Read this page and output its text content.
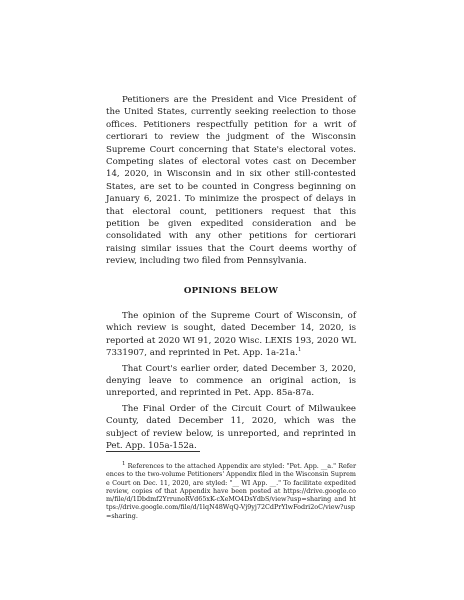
Petitioners are the President and Vice President of the United States, currently seeking reelection to those offices. Petitioners respectfully petition for a writ of certiorari to review the judgment of the Wisconsin Supreme Court concerning that State's electoral votes. Competing slates of electoral votes cast on December 14, 2020, in Wisconsin and in six other still-contested States, are set to be counted in Congress beginning on January 6, 2021. To minimize the prospect of delays in that electoral count, petitioners request that this petition be given expedited consideration and be consolidated with any other petitions for certiorari raising similar issues that the Court deems worthy of review, including two filed from Pennsylvania.

OPINIONS BELOW

The opinion of the Supreme Court of Wisconsin, of which review is sought, dated December 14, 2020, is reported at 2020 WI 91, 2020 Wisc. LEXIS 193, 2020 WL 7331907, and reprinted in Pet. App. 1a-21a.$^1$

That Court's earlier order, dated December 3, 2020, denying leave to commence an original action, is unreported, and reprinted in Pet. App. 85a-87a.

The Final Order of the Circuit Court of Milwaukee County, dated December 11, 2020, which was the subject of review below, is unreported, and reprinted in Pet. App. 105a-152a.

$^1$ References to the attached Appendix are styled: "Pet. App. __a." References to the two-volume Petitioners' Appendix filed in the Wisconsin Supreme Court on Dec. 11, 2020, are styled: "__ WI App. __." To facilitate expedited review, copies of that Appendix have been posted at https://drive.google.com/file/d/1Dbdmf2YrrunoRVd65xK-cXeMO4DsYdbS/view?usp=sharing and https://drive.google.com/file/d/1lqN48WqQ-Vj9yj72CdPrYlwFodri2oC/view?usp=sharing.
